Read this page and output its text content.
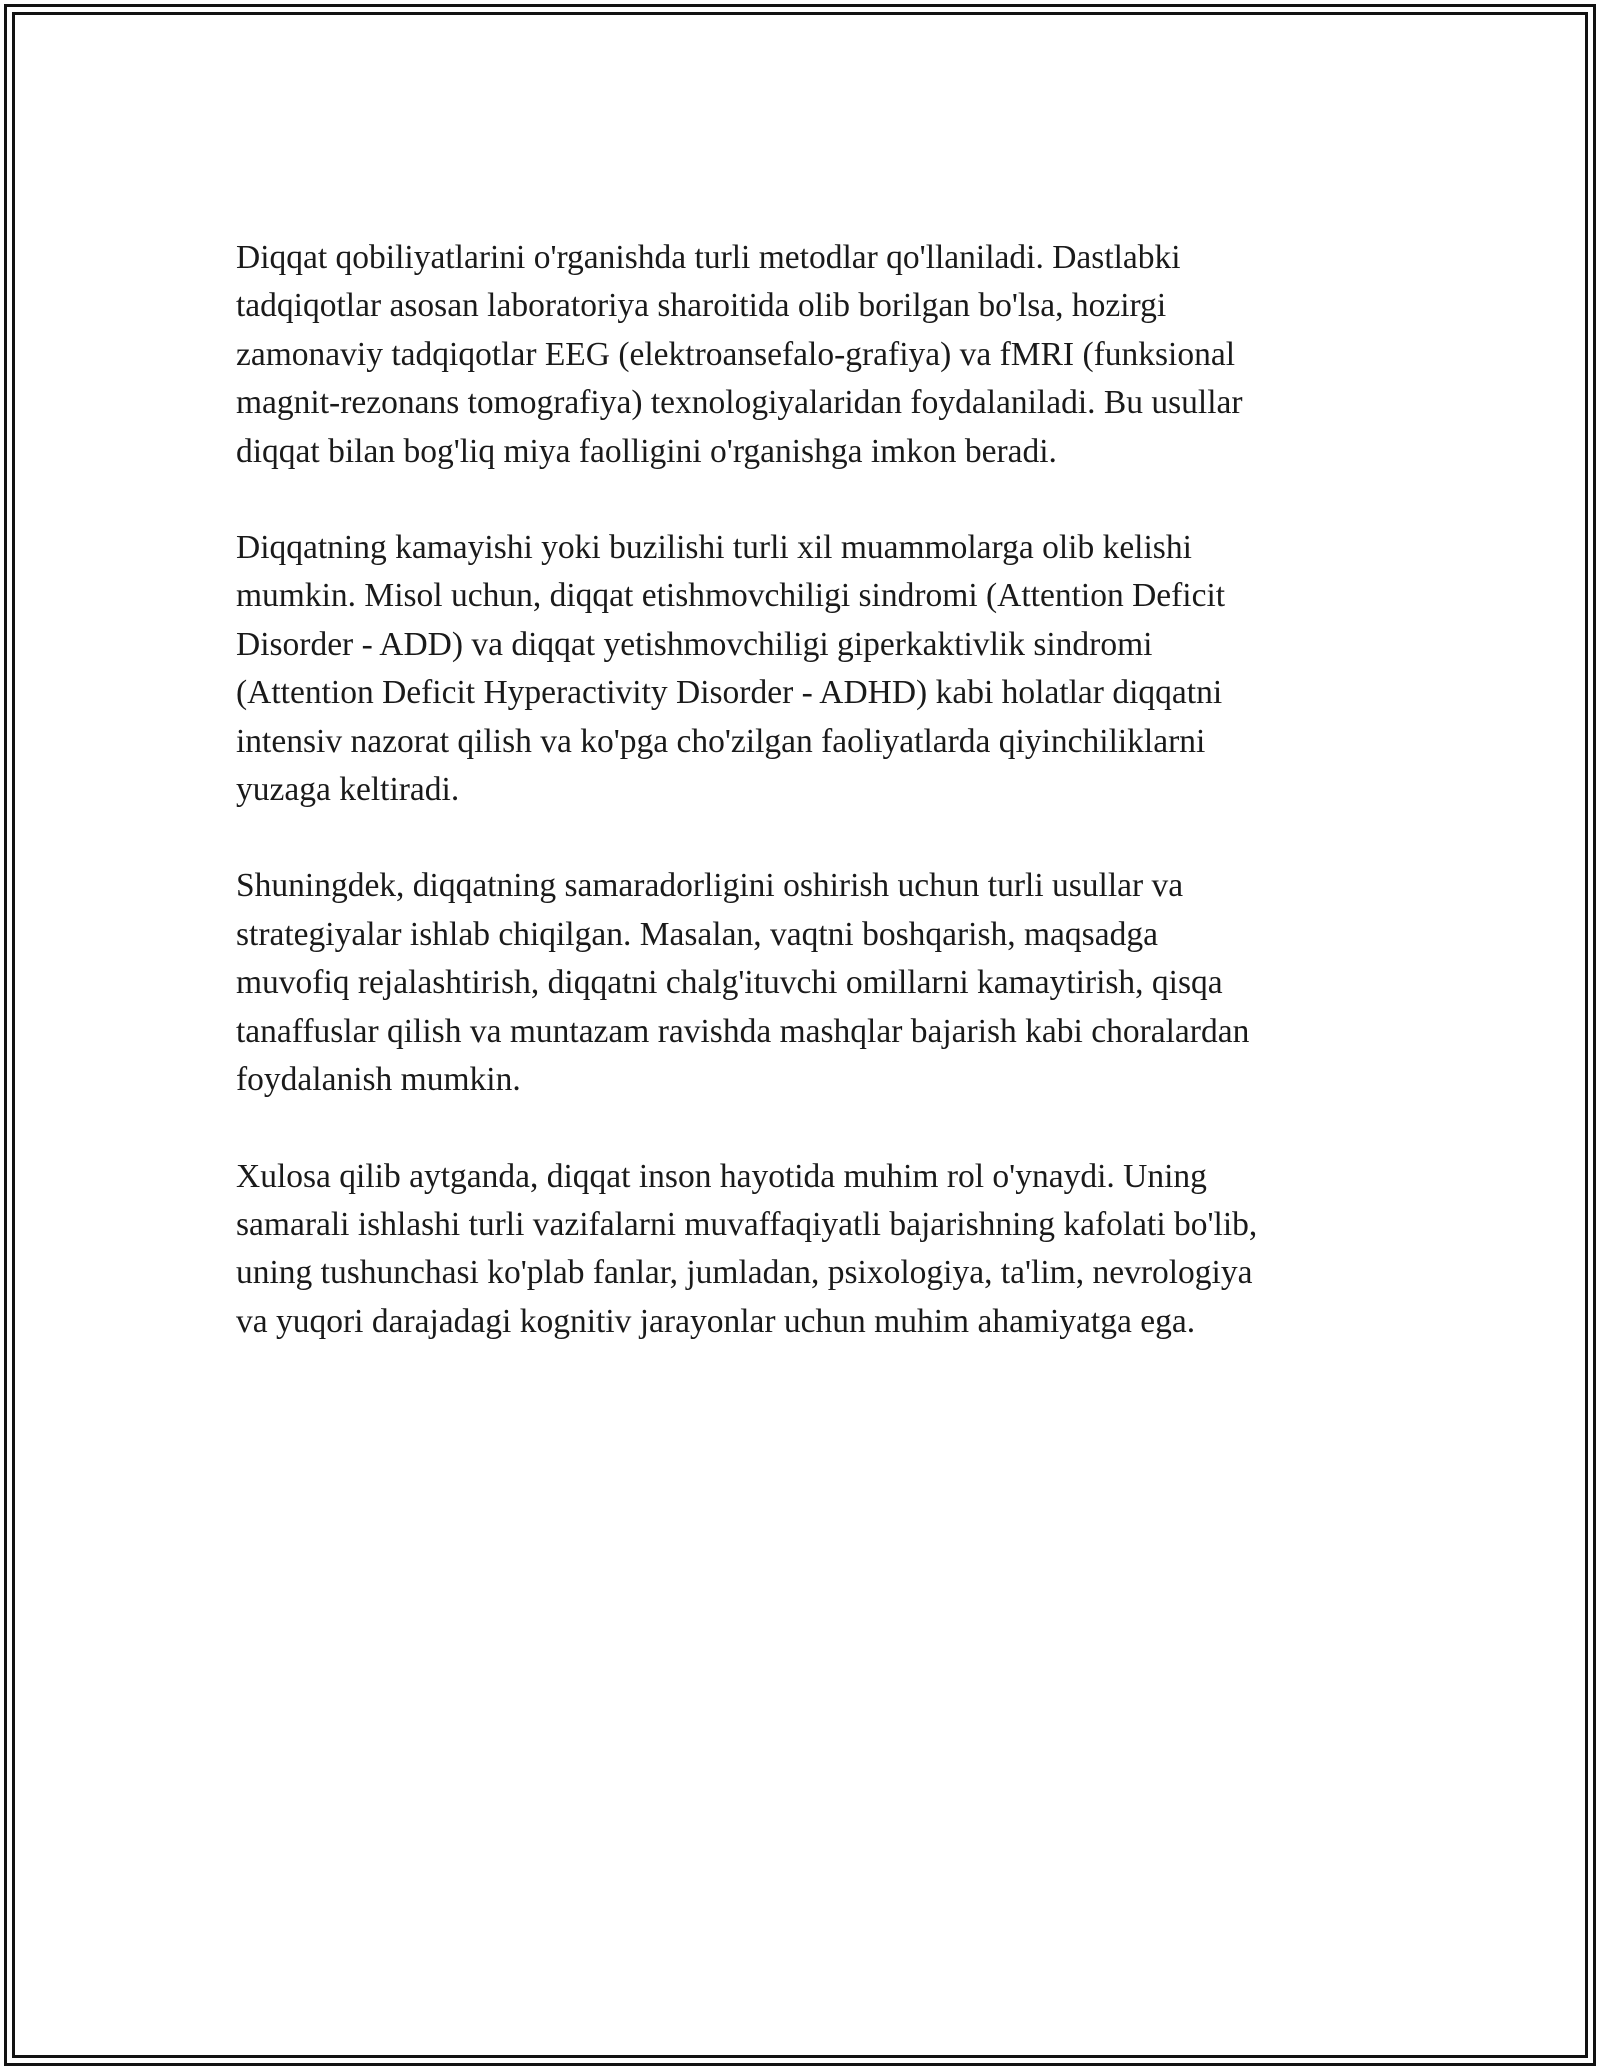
Diqqat qobiliyatlarini o'rganishda turli metodlar qo'llaniladi. Dastlabki
tadqiqotlar asosan laboratoriya sharoitida olib borilgan bo'lsa, hozirgi
zamonaviy tadqiqotlar EEG (elektroansefalo-grafiya) va fMRI (funksional
magnit-rezonans tomografiya) texnologiyalaridan foydalaniladi. Bu usullar
diqqat bilan bog'liq miya faolligini o'rganishga imkon beradi.

Diqqatning kamayishi yoki buzilishi turli xil muammolarga olib kelishi
mumkin. Misol uchun, diqqat etishmovchiligi sindromi (Attention Deficit
Disorder - ADD) va diqqat yetishmovchiligi giperkaktivlik sindromi
(Attention Deficit Hyperactivity Disorder - ADHD) kabi holatlar diqqatni
intensiv nazorat qilish va ko'pga cho'zilgan faoliyatlarda qiyinchiliklarni
yuzaga keltiradi.

Shuningdek, diqqatning samaradorligini oshirish uchun turli usullar va
strategiyalar ishlab chiqilgan. Masalan, vaqtni boshqarish, maqsadga
muvofiq rejalashtirish, diqqatni chalg'ituvchi omillarni kamaytirish, qisqa
tanaffuslar qilish va muntazam ravishda mashqlar bajarish kabi choralardan
foydalanish mumkin.

Xulosa qilib aytganda, diqqat inson hayotida muhim rol o'ynaydi. Uning
samarali ishlashi turli vazifalarni muvaffaqiyatli bajarishning kafolati bo'lib,
uning tushunchasi ko'plab fanlar, jumladan, psixologiya, ta'lim, nevrologiya
va yuqori darajadagi kognitiv jarayonlar uchun muhim ahamiyatga ega.
